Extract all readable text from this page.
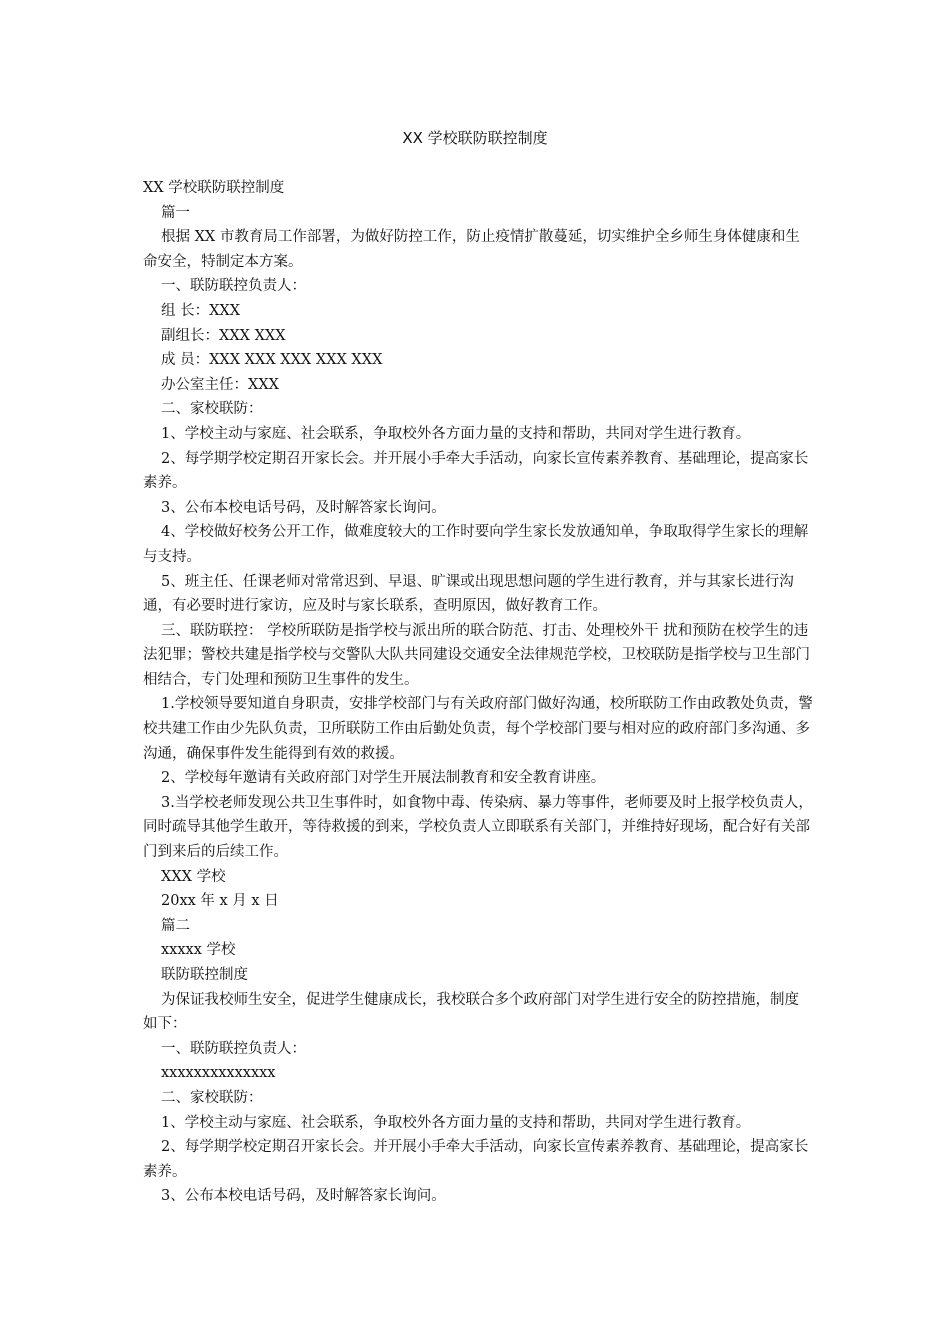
XX 学校联防联控制度

XX 学校联防联控制度

篇一

根据 XX 市教育局工作部署，为做好防控工作，防止疫情扩散蔓延，切实维护全乡师生身体健康和生命安全，特制定本方案。

一、联防联控负责人：

组 长：XXX

副组长：XXX XXX

成 员：XXX XXX XXX XXX XXX

办公室主任：XXX

二、家校联防：

1、学校主动与家庭、社会联系，争取校外各方面力量的支持和帮助，共同对学生进行教育。

2、每学期学校定期召开家长会。并开展小手牵大手活动，向家长宣传素养教育、基础理论，提高家长素养。

3、公布本校电话号码，及时解答家长询问。

4、学校做好校务公开工作，做难度较大的工作时要向学生家长发放通知单，争取取得学生家长的理解与支持。

5、班主任、任课老师对常常迟到、早退、旷课或出现思想问题的学生进行教育，并与其家长进行沟通，有必要时进行家访，应及时与家长联系，查明原因，做好教育工作。

三、联防联控： 学校所联防是指学校与派出所的联合防范、打击、处理校外干 扰和预防在校学生的违法犯罪；警校共建是指学校与交警队大队共同建设交通安全法律规范学校，卫校联防是指学校与卫生部门相结合，专门处理和预防卫生事件的发生。

1.学校领导要知道自身职责，安排学校部门与有关政府部门做好沟通，校所联防工作由政教处负责，警校共建工作由少先队负责，卫所联防工作由后勤处负责，每个学校部门要与相对应的政府部门多沟通、多沟通，确保事件发生能得到有效的救援。

2、学校每年邀请有关政府部门对学生开展法制教育和安全教育讲座。

3.当学校老师发现公共卫生事件时，如食物中毒、传染病、暴力等事件，老师要及时上报学校负责人，同时疏导其他学生敢开，等待救援的到来，学校负责人立即联系有关部门，并维持好现场，配合好有关部门到来后的后续工作。

XXX 学校

20xx 年 x 月 x 日

篇二

xxxxx 学校

联防联控制度

为保证我校师生安全，促进学生健康成长，我校联合多个政府部门对学生进行安全的防控措施，制度如下：

一、联防联控负责人：

xxxxxxxxxxxxxx

二、家校联防：

1、学校主动与家庭、社会联系，争取校外各方面力量的支持和帮助，共同对学生进行教育。

2、每学期学校定期召开家长会。并开展小手牵大手活动，向家长宣传素养教育、基础理论，提高家长素养。

3、公布本校电话号码，及时解答家长询问。
